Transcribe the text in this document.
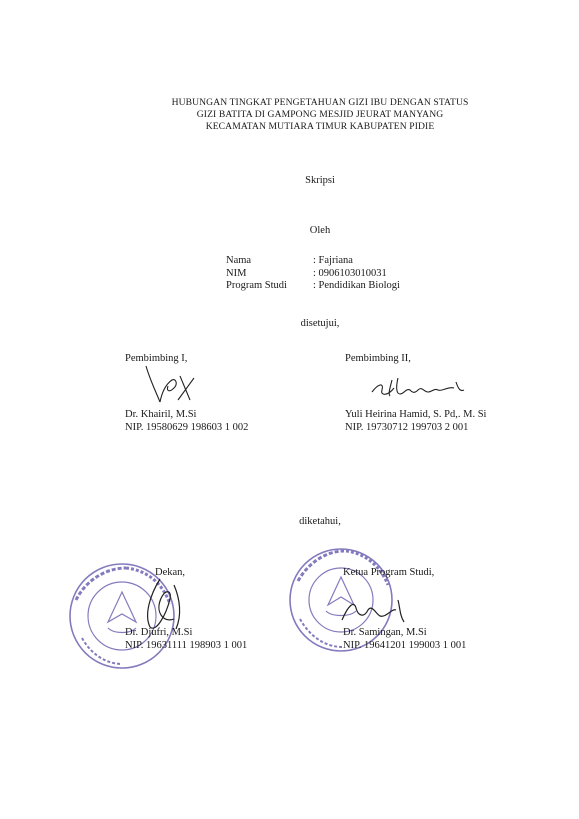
HUBUNGAN TINGKAT PENGETAHUAN GIZI IBU DENGAN STATUS
GIZI BATITA DI GAMPONG MESJID JEURAT MANYANG
KECAMATAN MUTIARA TIMUR KABUPATEN PIDIE
Skripsi
Oleh
Nama	: Fajriana
NIM	: 0906103010031
Program Studi	: Pendidikan Biologi
disetujui,
Pembimbing I,
Dr. Khairil, M.Si
NIP. 19580629 198603 1 002
Pembimbing II,
Yuli Heirina Hamid, S. Pd,. M. Si
NIP. 19730712 199703 2 001
diketahui,
Dekan,
Dr. Djufri, M.Si
NIP. 19631111 198903 1 001
Ketua Program Studi,
Dr. Samingan, M.Si
NIP. 19641201 199003 1 001
